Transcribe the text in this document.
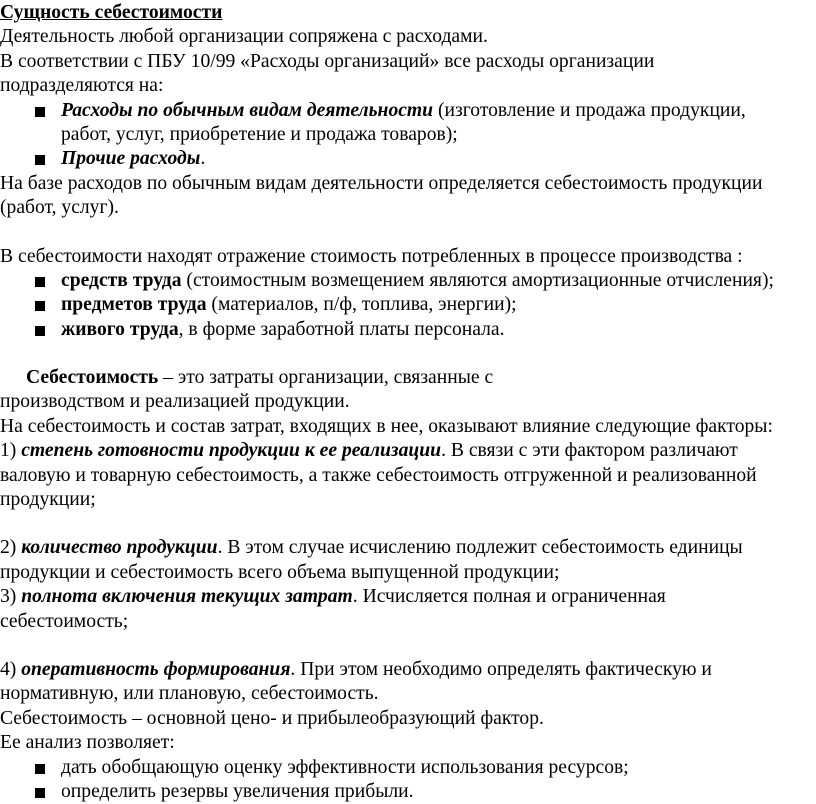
Сущность себестоимости
Деятельность любой организации сопряжена с расходами.
В соответствии с ПБУ 10/99 «Расходы организаций» все расходы организации
подразделяются на:
Расходы по обычным видам деятельности (изготовление и продажа продукции,
работ, услуг, приобретение и продажа товаров);
Прочие расходы.
На базе расходов по обычным видам деятельности определяется себестоимость продукции
(работ, услуг).
В себестоимости находят отражение стоимость потребленных в процессе производства :
средств труда (стоимостным возмещением являются амортизационные отчисления);
предметов труда (материалов, п/ф, топлива, энергии);
живого труда, в форме заработной платы персонала.
Себестоимость – это затраты организации, связанные с
производством и реализацией продукции.
На себестоимость и состав затрат, входящих в нее, оказывают влияние следующие факторы:
1) степень готовности продукции к ее реализации. В связи с эти фактором различают
валовую и товарную себестоимость, а также себестоимость отгруженной и реализованной
продукции;
2) количество продукции. В этом случае исчислению подлежит себестоимость единицы
продукции и себестоимость всего объема выпущенной продукции;
3) полнота включения текущих затрат. Исчисляется полная и ограниченная
себестоимость;
4) оперативность формирования. При этом необходимо определять фактическую и
нормативную, или плановую, себестоимость.
Себестоимость – основной цено- и прибылеобразующий фактор.
Ее анализ позволяет:
дать обобщающую оценку эффективности использования ресурсов;
определить резервы увеличения прибыли.
